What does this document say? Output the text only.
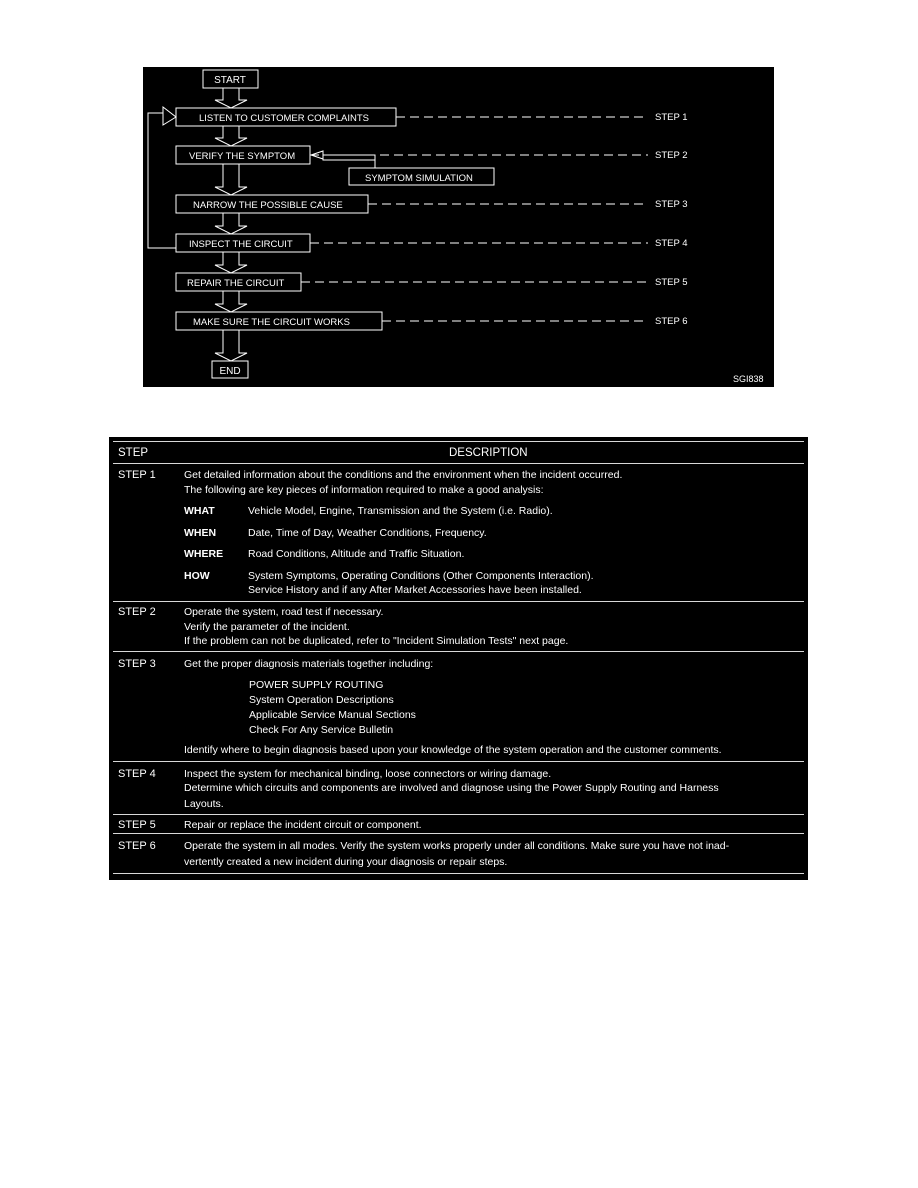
START
END
LISTEN TO CUSTOMER COMPLAINTS
VERIFY THE SYMPTOM
SYMPTOM SIMULATION
NARROW THE POSSIBLE CAUSE
INSPECT THE CIRCUIT
REPAIR THE CIRCUIT
MAKE SURE THE CIRCUIT WORKS
STEP 1
STEP 2
STEP 3
STEP 4
STEP 5
STEP 6
SGI838
STEP	DESCRIPTION
STEP 1	Get detailed information about the conditions and the environment when the incident occurred.
The following are key pieces of information required to make a good analysis:
WHAT	Vehicle Model, Engine, Transmission and the System (i.e. Radio).
WHEN	Date, Time of Day, Weather Conditions, Frequency.
WHERE Road Conditions, Altitude and Traffic Situation.
HOW	System Symptoms, Operating Conditions (Other Components Interaction).
Service History and if any After Market Accessories have been installed.
STEP 2	Operate the system, road test if necessary.
Verify the parameter of the incident.
If the problem can not be duplicated, refer to "Incident Simulation Tests" next page.
STEP 3	Get the proper diagnosis materials together including:
POWER SUPPLY ROUTING
System Operation Descriptions
Applicable Service Manual Sections
Check For Any Service Bulletin
Identify where to begin diagnosis based upon your knowledge of the system operation and the customer comments.
STEP 4	Inspect the system for mechanical binding, loose connectors or wiring damage.
Determine which circuits and components are involved and diagnose using the Power Supply Routing and Harness
Layouts.
STEP 5	Repair or replace the incident circuit or component.
STEP 6	Operate the system in all modes. Verify the system works properly under all conditions. Make sure you have not inad-
vertently created a new incident during your diagnosis or repair steps.
